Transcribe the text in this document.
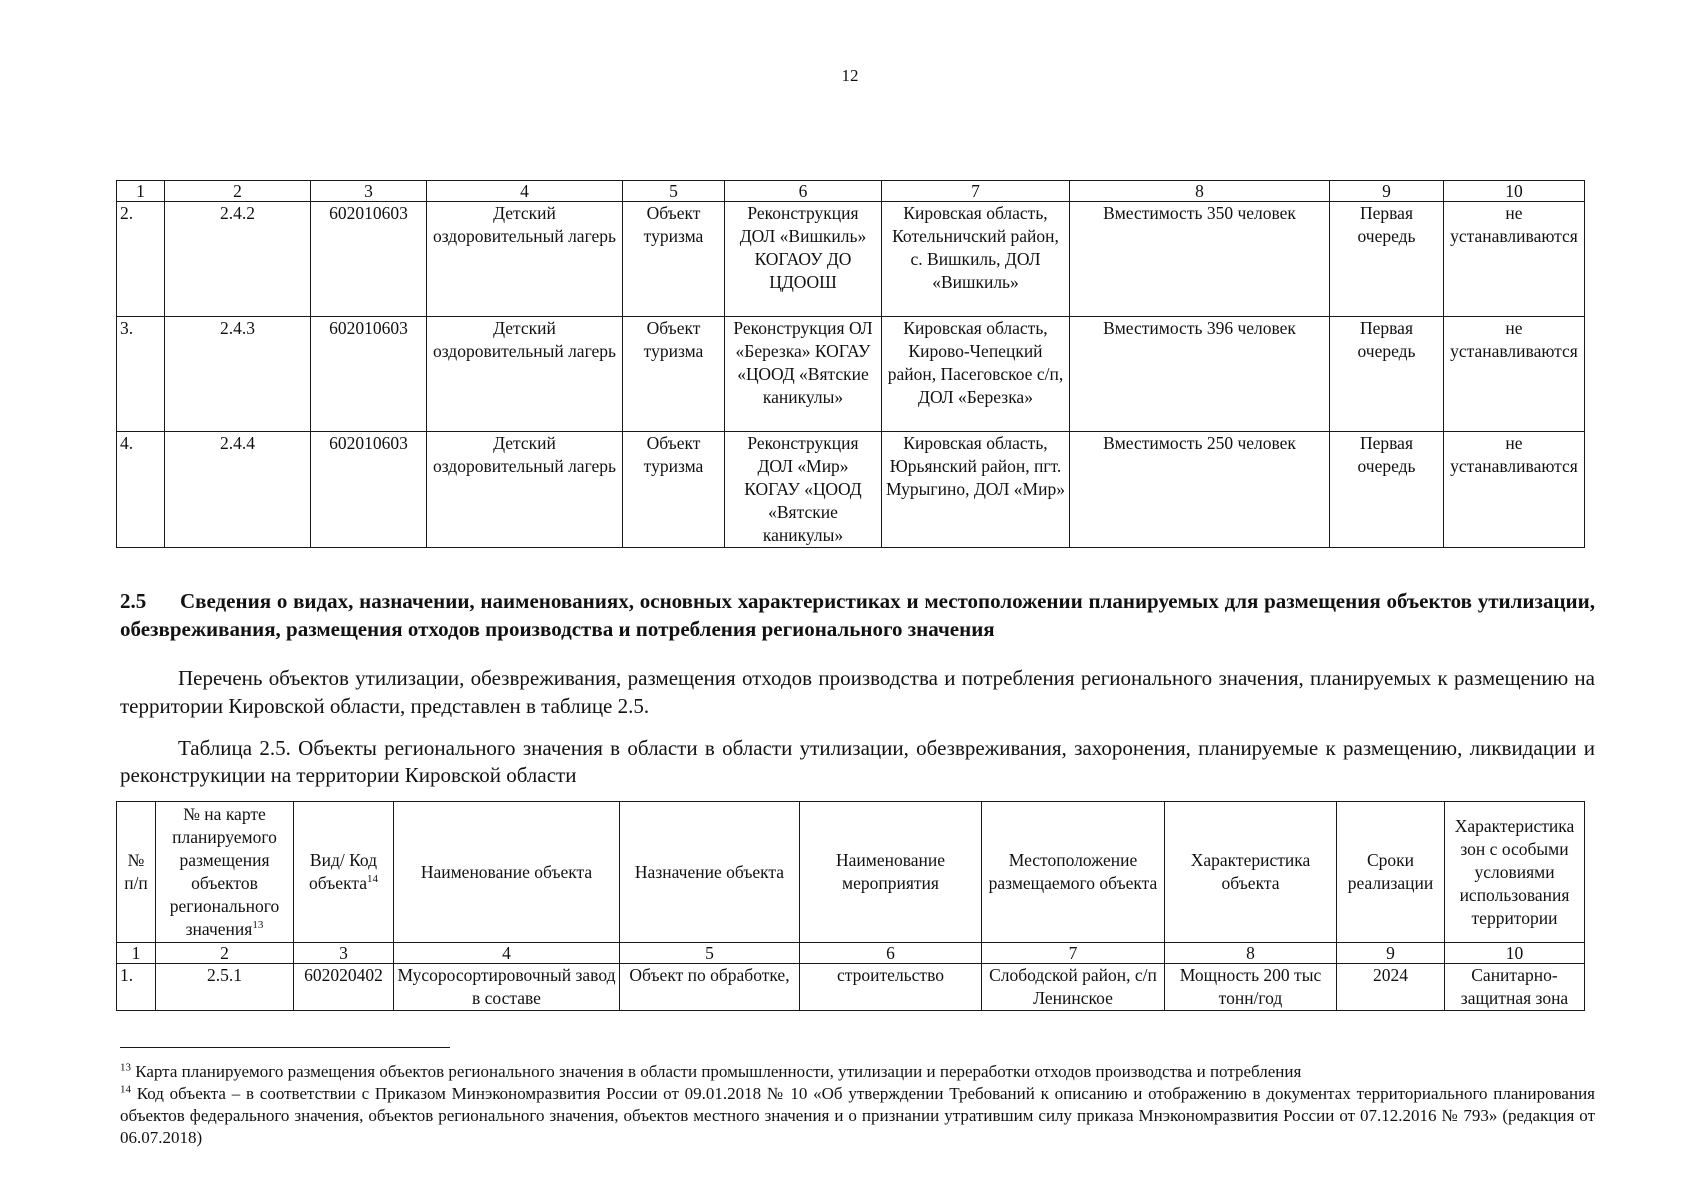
12
1	2	3	4	5	6	7	8	9	10
2.	2.4.2	602010603	Детский оздоровительный лагерь	Объект туризма	Реконструкция ДОЛ «Вишкиль» КОГАОУ ДО ЦДООШ	Кировская область, Котельничский район, с. Вишкиль, ДОЛ «Вишкиль»	Вместимость 350 человек	Первая очередь	не устанавливаются
3.	2.4.3	602010603	Детский оздоровительный лагерь	Объект туризма	Реконструкция ОЛ «Березка» КОГАУ «ЦООД «Вятские каникулы»	Кировская область, Кирово-Чепецкий район, Пасеговское с/п, ДОЛ «Березка»	Вместимость 396 человек	Первая очередь	не устанавливаются
4.	2.4.4	602010603	Детский оздоровительный лагерь	Объект туризма	Реконструкция ДОЛ «Мир» КОГАУ «ЦООД «Вятские каникулы»	Кировская область, Юрьянский район, пгт. Мурыгино, ДОЛ «Мир»	Вместимость 250 человек	Первая очередь	не устанавливаются
2.5 Сведения о видах, назначении, наименованиях, основных характеристиках и местоположении планируемых для размещения объектов утилизации, обезвреживания, размещения отходов производства и потребления регионального значения
Перечень объектов утилизации, обезвреживания, размещения отходов производства и потребления регионального значения, планируемых к размещению на территории Кировской области, представлен в таблице 2.5.
Таблица 2.5. Объекты регионального значения в области в области утилизации, обезвреживания, захоронения, планируемые к размещению, ликвидации и реконструкиции на территории Кировской области
№ п/п	№ на карте планируемого размещения объектов регионального значения$^{13}$	Вид/ Код объекта$^{14}$	Наименование объекта	Назначение объекта	Наименование мероприятия	Местоположение размещаемого объекта	Характеристика объекта	Сроки реализации	Характеристика зон с особыми условиями использования территории
1	2	3	4	5	6	7	8	9	10
1.	2.5.1	602020402	Мусоросортировочный завод в составе	Объект по обработке,	строительство	Слободской район, с/п Ленинское	Мощность 200 тыс тонн/год	2024	Санитарно-защитная зона

$^{13}$ Карта планируемого размещения объектов регионального значения в области промышленности, утилизации и переработки отходов производства и потребления

$^{14}$ Код объекта – в соответствии с Приказом Минэкономразвития России от 09.01.2018 № 10 «Об утверждении Требований к описанию и отображению в документах территориального планирования объектов федерального значения, объектов регионального значения, объектов местного значения и о признании утратившим силу приказа Мнэкономразвития России от 07.12.2016 № 793» (редакция от 06.07.2018)
